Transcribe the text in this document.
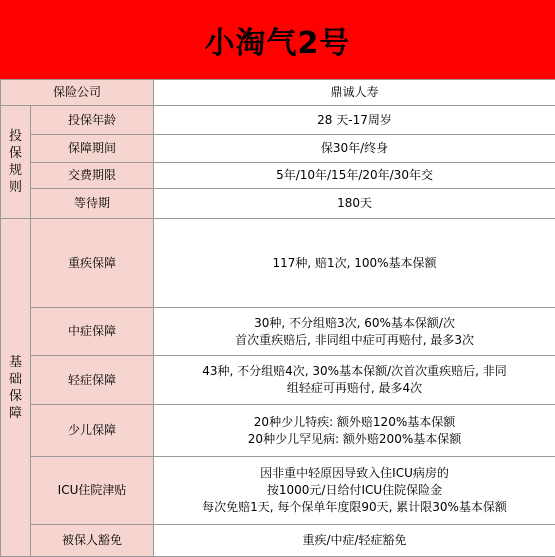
小淘气2号
保险公司		鼎诚人寿
投保规则	投保年龄	28 天-17周岁
	保障期间	保30年/终身
	交费期限	5年/10年/15年/20年/30年交
	等待期	180天
基础保障	重疾保障	117种, 赔1次, 100%基本保额
	中症保障	30种, 不分组赔3次, 60%基本保额/次
首次重疾赔后, 非同组中症可再赔付, 最多3次

	轻症保障	43种, 不分组赔4次, 30%基本保额/次首次重疾赔后, 非同
组轻症可再赔付, 最多4次

	少儿保障	20种少儿特疾: 额外赔120%基本保额
20种少儿罕见病: 额外赔200%基本保额

	ICU住院津贴	因非重中轻原因导致入住ICU病房的
按1000元/日给付ICU住院保险金
每次免赔1天, 每个保单年度限90天, 累计限30%基本保额

	被保人豁免	重疾/中症/轻症豁免
